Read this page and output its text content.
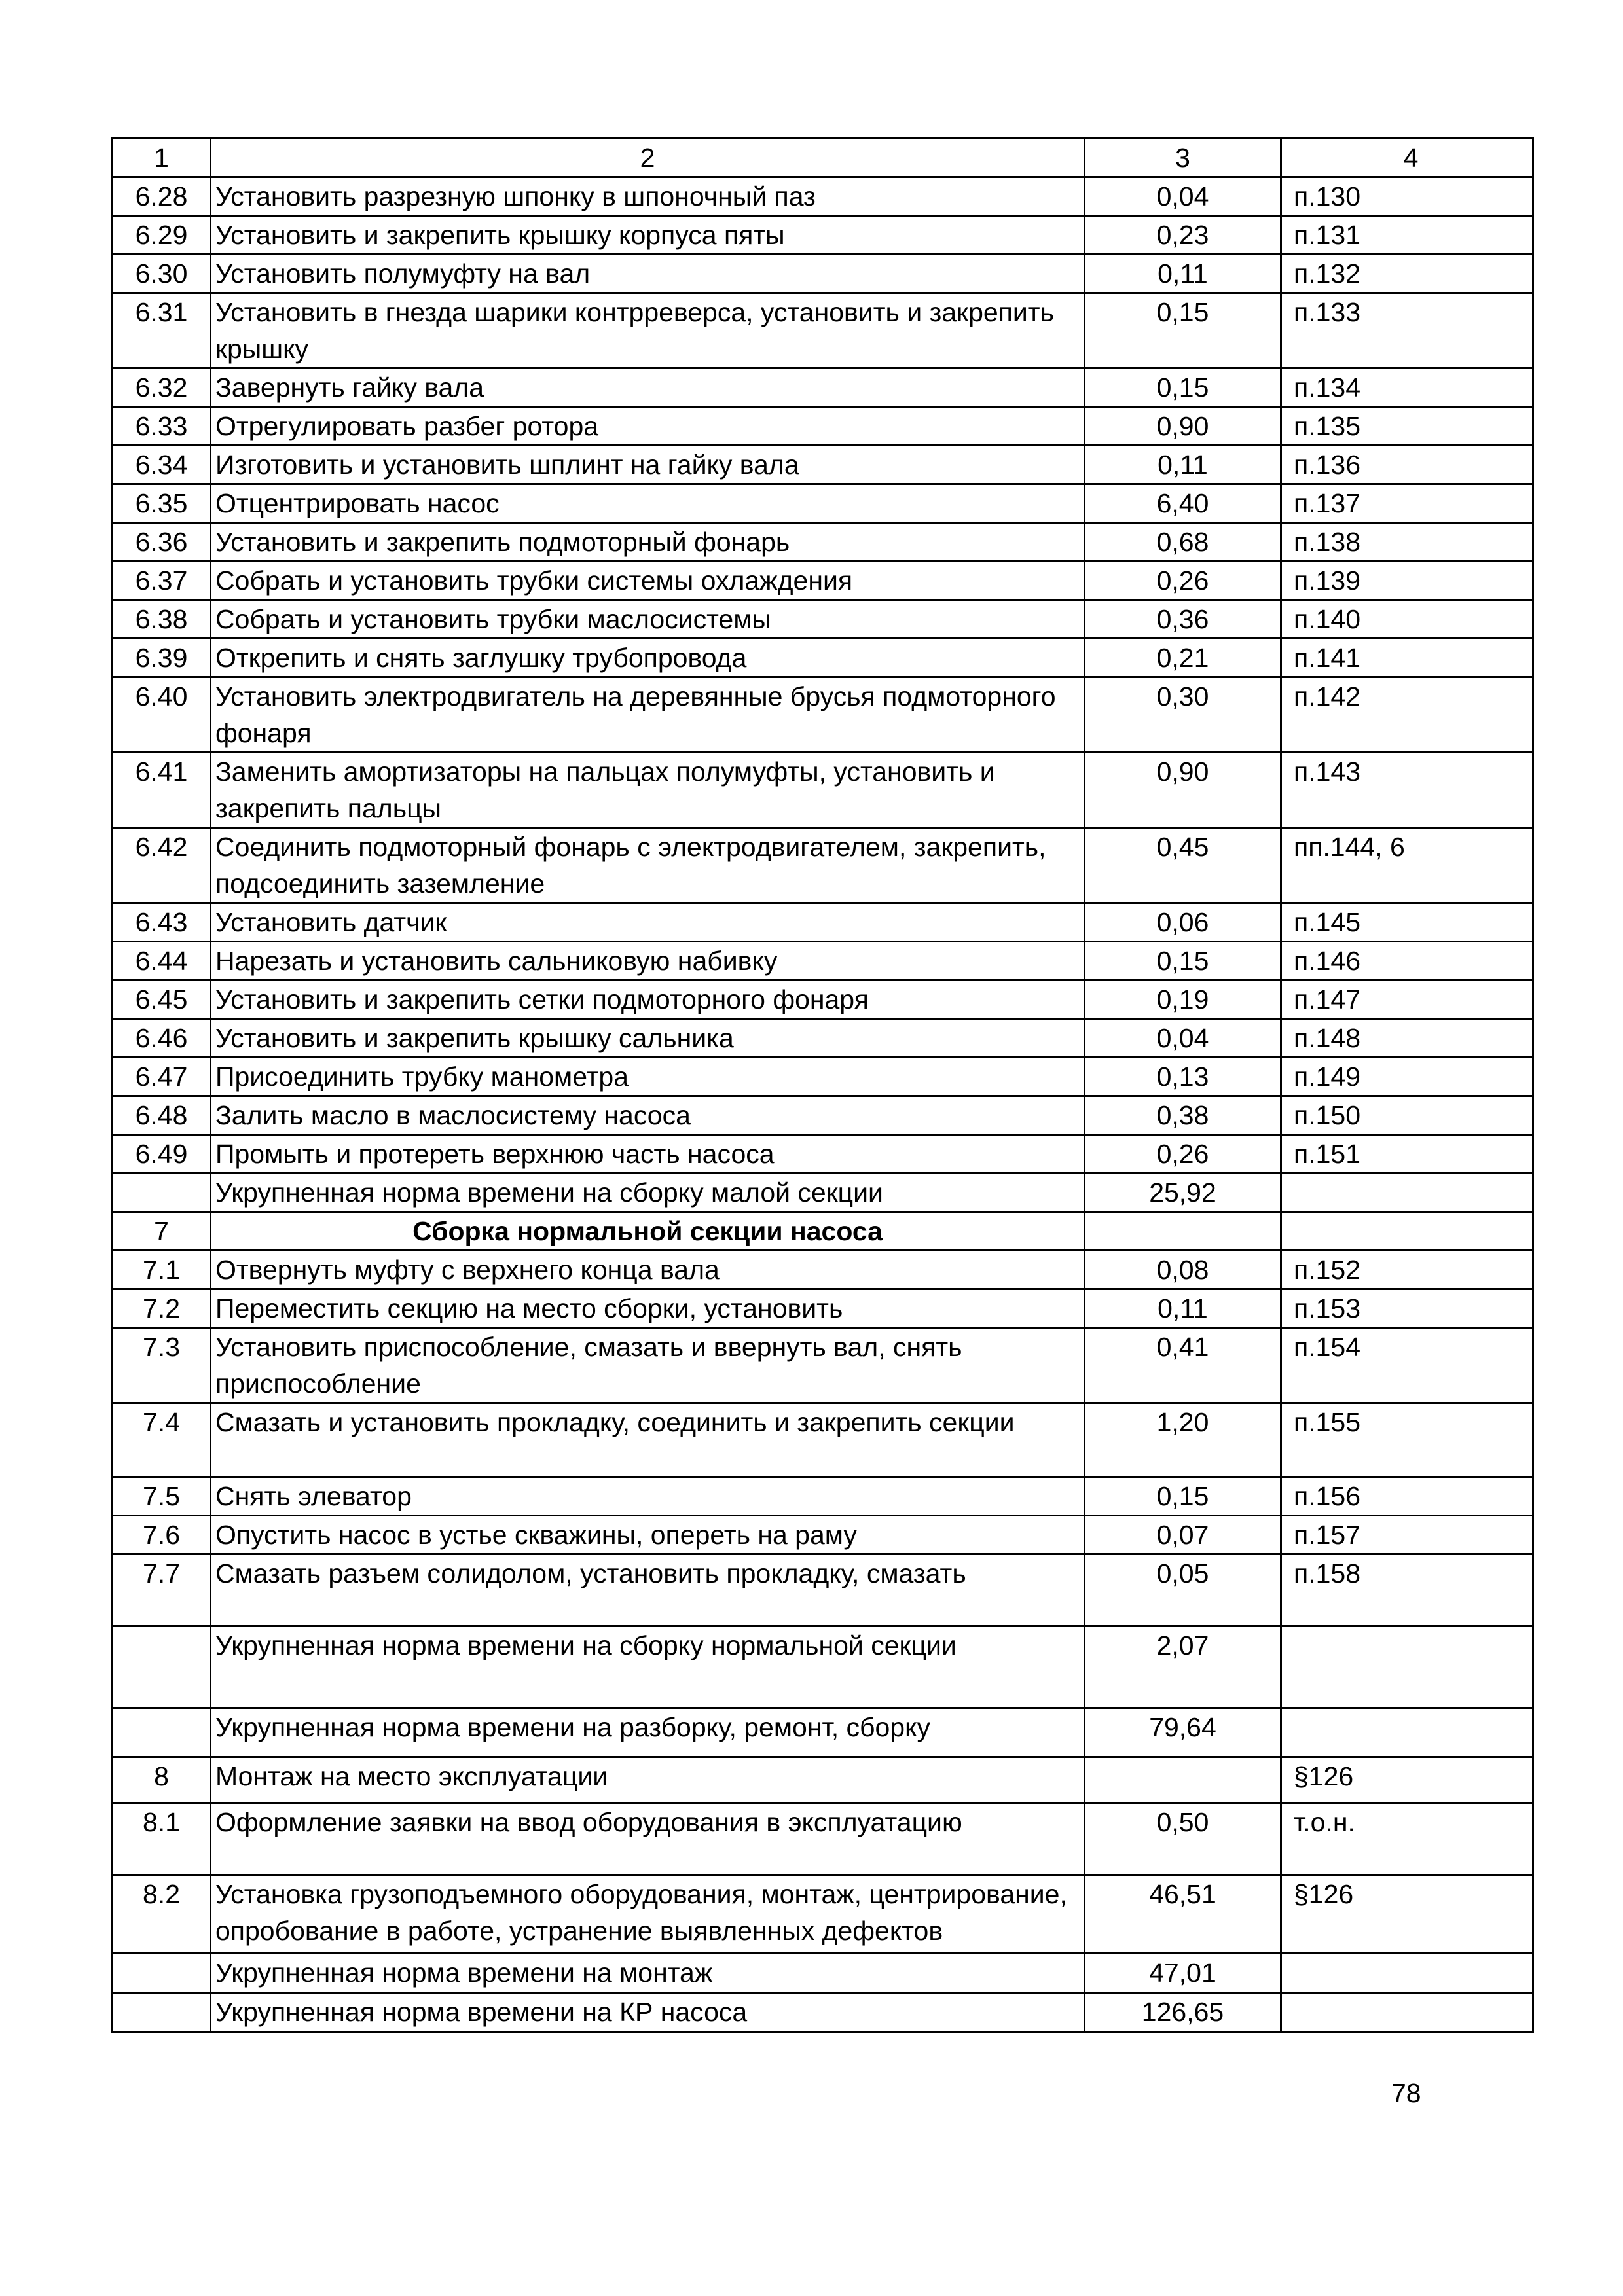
1	2	3	4
6.28	Установить разрезную шпонку в шпоночный паз	0,04	п.130
6.29	Установить и закрепить крышку корпуса пяты	0,23	п.131
6.30	Установить полумуфту на вал	0,11	п.132
6.31	Установить в гнезда шарики контрреверса, установить и закрепить крышку	0,15	п.133
6.32	Завернуть гайку вала	0,15	п.134
6.33	Отрегулировать разбег ротора	0,90	п.135
6.34	Изготовить и установить шплинт на гайку вала	0,11	п.136
6.35	Отцентрировать насос	6,40	п.137
6.36	Установить и закрепить подмоторный фонарь	0,68	п.138
6.37	Собрать и установить трубки системы охлаждения	0,26	п.139
6.38	Собрать и установить трубки маслосистемы	0,36	п.140
6.39	Открепить и снять заглушку трубопровода	0,21	п.141
6.40	Установить электродвигатель на деревянные брусья подмоторного фонаря	0,30	п.142
6.41	Заменить амортизаторы на пальцах полумуфты, установить и закрепить пальцы	0,90	п.143
6.42	Соединить подмоторный фонарь с электродвигателем, закрепить, подсоединить заземление	0,45	пп.144, 6
6.43	Установить датчик	0,06	п.145
6.44	Нарезать и установить сальниковую набивку	0,15	п.146
6.45	Установить и закрепить сетки подмоторного фонаря	0,19	п.147
6.46	Установить и закрепить крышку сальника	0,04	п.148
6.47	Присоединить трубку манометра	0,13	п.149
6.48	Залить масло в маслосистему насоса	0,38	п.150
6.49	Промыть и протереть верхнюю часть насоса	0,26	п.151
	Укрупненная норма времени на сборку малой секции	25,92	
7	Сборка нормальной секции насоса		
7.1	Отвернуть муфту с верхнего конца вала	0,08	п.152
7.2	Переместить секцию на место сборки, установить	0,11	п.153
7.3	Установить приспособление, смазать и ввернуть вал, снять приспособление	0,41	п.154
7.4	Смазать и установить прокладку, соединить и закрепить секции	1,20	п.155
7.5	Снять элеватор	0,15	п.156
7.6	Опустить насос в устье скважины, опереть на раму	0,07	п.157
7.7	Смазать разъем солидолом, установить прокладку, смазать	0,05	п.158
	Укрупненная норма времени на сборку нормальной секции	2,07	
	Укрупненная норма времени на разборку, ремонт, сборку	79,64	
8	Монтаж на место эксплуатации		§126
8.1	Оформление заявки на ввод оборудования в эксплуатацию	0,50	т.о.н.
8.2	Установка грузоподъемного оборудования, монтаж, центрирование, опробование в работе, устранение выявленных дефектов	46,51	§126
	Укрупненная норма времени на монтаж	47,01	
	Укрупненная норма времени на КР насоса	126,65	
78
